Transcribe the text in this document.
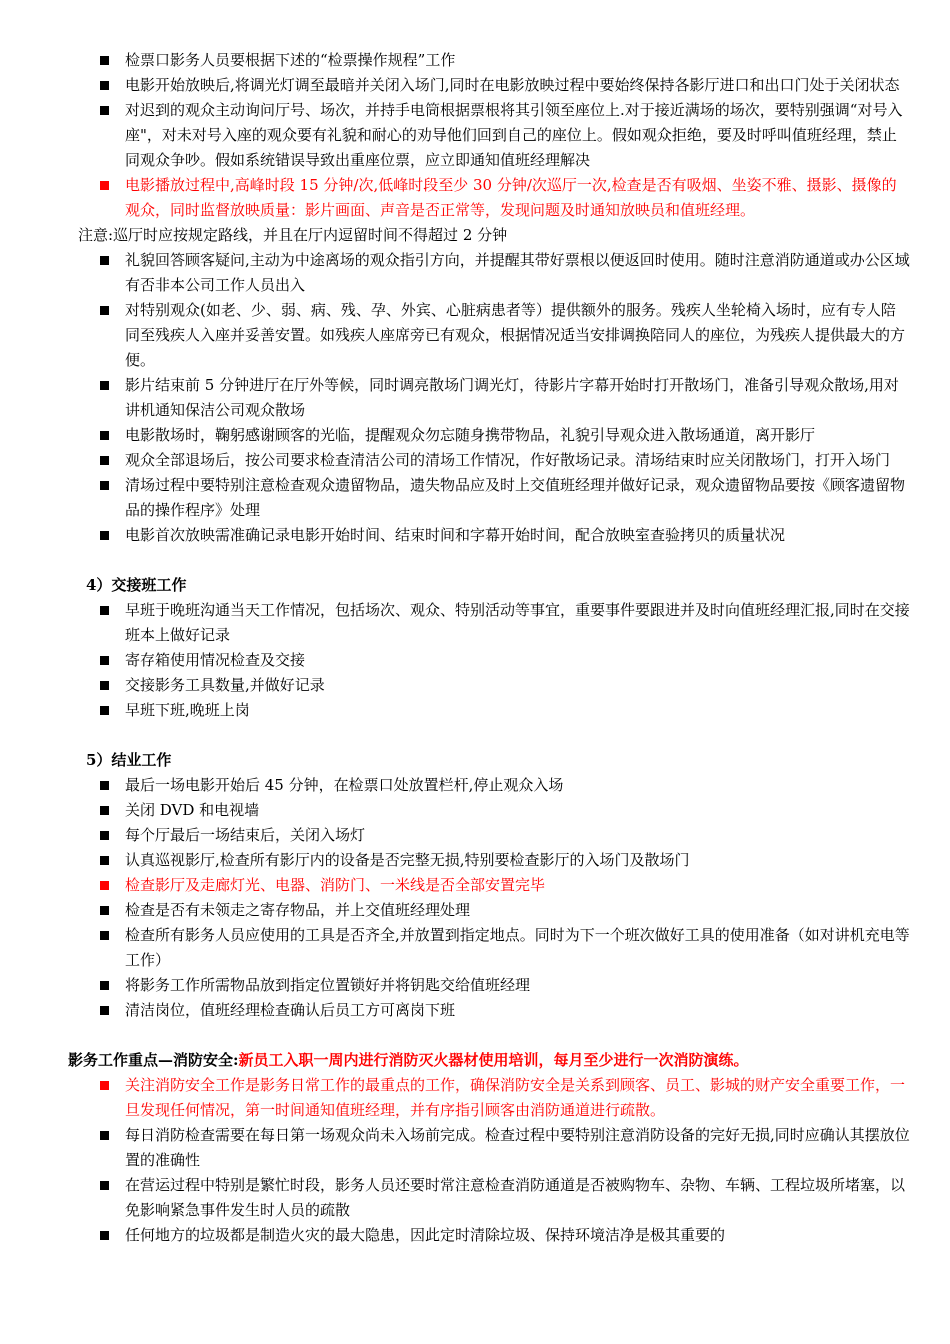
检票口影务人员要根据下述的“检票操作规程”工作
电影开始放映后,将调光灯调至最暗并关闭入场门,同时在电影放映过程中要始终保持各影厅进口和出口门处于关闭状态
对迟到的观众主动询问厅号、场次，并持手电筒根据票根将其引领至座位上.对于接近满场的场次，要特别强调“对号入座"，对未对号入座的观众要有礼貌和耐心的劝导他们回到自己的座位上。假如观众拒绝，要及时呼叫值班经理，禁止同观众争吵。假如系统错误导致出重座位票，应立即通知值班经理解决
电影播放过程中,高峰时段 15 分钟/次,低峰时段至少 30 分钟/次巡厅一次,检查是否有吸烟、坐姿不雅、摄影、摄像的观众，同时监督放映质量：影片画面、声音是否正常等，发现问题及时通知放映员和值班经理。
注意:巡厅时应按规定路线，并且在厅内逗留时间不得超过 2 分钟
礼貌回答顾客疑问,主动为中途离场的观众指引方向，并提醒其带好票根以便返回时使用。随时注意消防通道或办公区域有否非本公司工作人员出入
对特别观众(如老、少、弱、病、残、孕、外宾、心脏病患者等）提供额外的服务。残疾人坐轮椅入场时，应有专人陪同至残疾人入座并妥善安置。如残疾人座席旁已有观众，根据情况适当安排调换陪同人的座位，为残疾人提供最大的方便。
影片结束前 5 分钟进厅在厅外等候，同时调亮散场门调光灯，待影片字幕开始时打开散场门，准备引导观众散场,用对讲机通知保洁公司观众散场
电影散场时，鞠躬感谢顾客的光临，提醒观众勿忘随身携带物品，礼貌引导观众进入散场通道，离开影厅
观众全部退场后，按公司要求检查清洁公司的清场工作情况，作好散场记录。清场结束时应关闭散场门，打开入场门
清场过程中要特别注意检查观众遗留物品，遗失物品应及时上交值班经理并做好记录，观众遗留物品要按《顾客遗留物品的操作程序》处理
电影首次放映需准确记录电影开始时间、结束时间和字幕开始时间，配合放映室查验拷贝的质量状况
4）交接班工作
早班于晚班沟通当天工作情况，包括场次、观众、特别活动等事宜，重要事件要跟进并及时向值班经理汇报,同时在交接班本上做好记录
寄存箱使用情况检查及交接
交接影务工具数量,并做好记录
早班下班,晚班上岗
5）结业工作
最后一场电影开始后 45 分钟，在检票口处放置栏杆,停止观众入场
关闭 DVD 和电视墙
每个厅最后一场结束后，关闭入场灯
认真巡视影厅,检查所有影厅内的设备是否完整无损,特别要检查影厅的入场门及散场门
检查影厅及走廊灯光、电器、消防门、一米线是否全部安置完毕
检查是否有未领走之寄存物品，并上交值班经理处理
检查所有影务人员应使用的工具是否齐全,并放置到指定地点。同时为下一个班次做好工具的使用准备（如对讲机充电等工作）
将影务工作所需物品放到指定位置锁好并将钥匙交给值班经理
清洁岗位，值班经理检查确认后员工方可离岗下班
影务工作重点—消防安全:新员工入职一周内进行消防灭火器材使用培训，每月至少进行一次消防演练。
关注消防安全工作是影务日常工作的最重点的工作，确保消防安全是关系到顾客、员工、影城的财产安全重要工作，一旦发现任何情况，第一时间通知值班经理，并有序指引顾客由消防通道进行疏散。
每日消防检查需要在每日第一场观众尚未入场前完成。检查过程中要特别注意消防设备的完好无损,同时应确认其摆放位置的准确性
在营运过程中特别是繁忙时段，影务人员还要时常注意检查消防通道是否被购物车、杂物、车辆、工程垃圾所堵塞，以免影响紧急事件发生时人员的疏散
任何地方的垃圾都是制造火灾的最大隐患，因此定时清除垃圾、保持环境洁净是极其重要的
